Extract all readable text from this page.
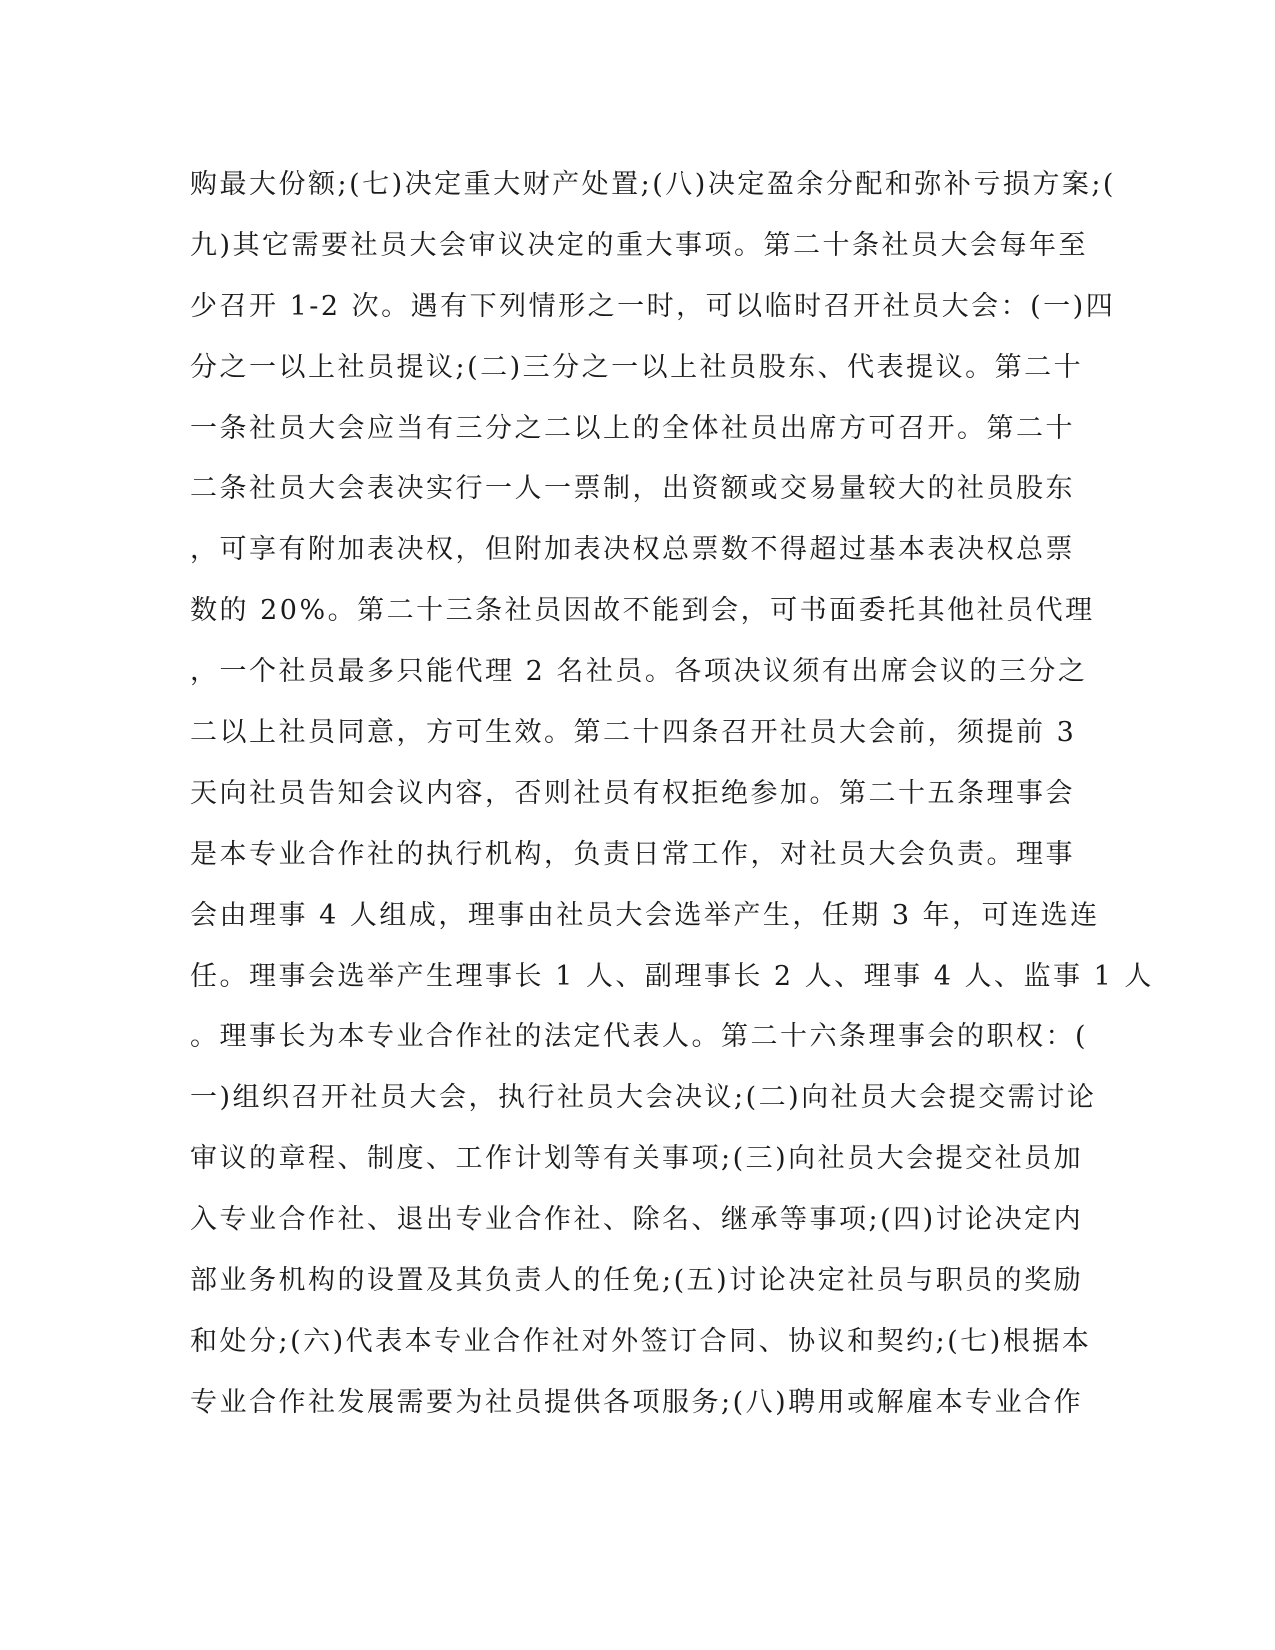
购最大份额;(七)决定重大财产处置;(八)决定盈余分配和弥补亏损方案;(
九)其它需要社员大会审议决定的重大事项。第二十条社员大会每年至
少召开 1-2 次。遇有下列情形之一时，可以临时召开社员大会：(一)四
分之一以上社员提议;(二)三分之一以上社员股东、代表提议。第二十
一条社员大会应当有三分之二以上的全体社员出席方可召开。第二十
二条社员大会表决实行一人一票制，出资额或交易量较大的社员股东
，可享有附加表决权，但附加表决权总票数不得超过基本表决权总票
数的 20%。第二十三条社员因故不能到会，可书面委托其他社员代理
，一个社员最多只能代理 2 名社员。各项决议须有出席会议的三分之
二以上社员同意，方可生效。第二十四条召开社员大会前，须提前 3
天向社员告知会议内容，否则社员有权拒绝参加。第二十五条理事会
是本专业合作社的执行机构，负责日常工作，对社员大会负责。理事
会由理事 4 人组成，理事由社员大会选举产生，任期 3 年，可连选连
任。理事会选举产生理事长 1 人、副理事长 2 人、理事 4 人、监事 1 人
。理事长为本专业合作社的法定代表人。第二十六条理事会的职权：(
一)组织召开社员大会，执行社员大会决议;(二)向社员大会提交需讨论
审议的章程、制度、工作计划等有关事项;(三)向社员大会提交社员加
入专业合作社、退出专业合作社、除名、继承等事项;(四)讨论决定内
部业务机构的设置及其负责人的任免;(五)讨论决定社员与职员的奖励
和处分;(六)代表本专业合作社对外签订合同、协议和契约;(七)根据本
专业合作社发展需要为社员提供各项服务;(八)聘用或解雇本专业合作
